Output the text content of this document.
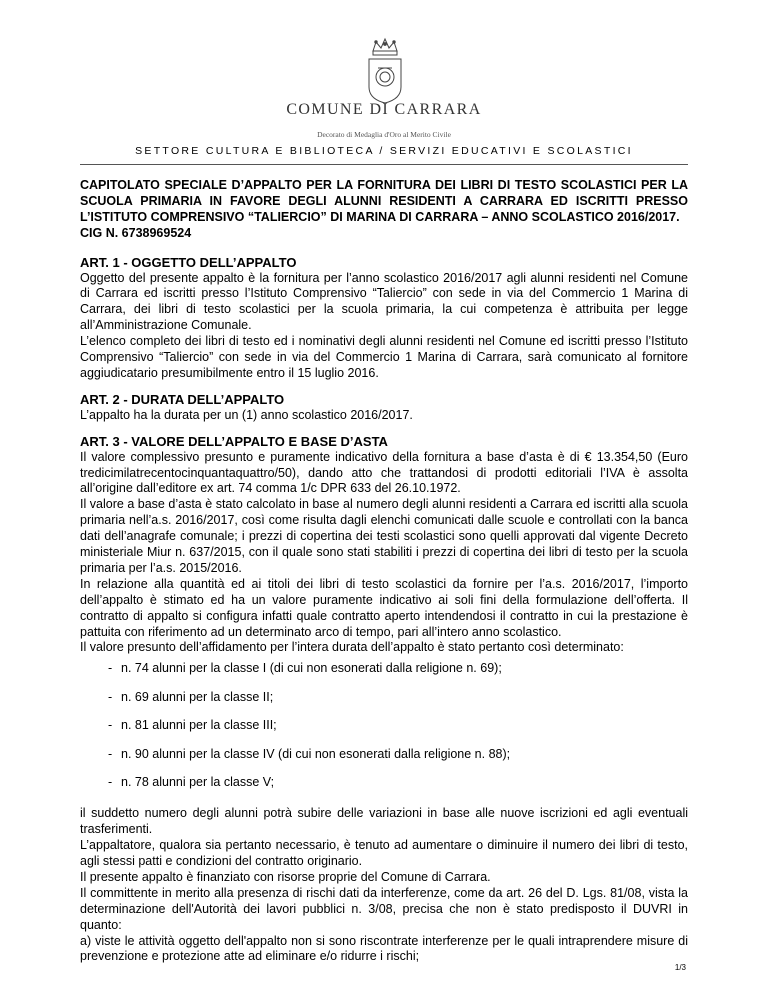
COMUNE DI CARRARA
Decorato di Medaglia d'Oro al Merito Civile
SETTORE CULTURA E BIBLIOTECA / SERVIZI EDUCATIVI E SCOLASTICI

CAPITOLATO SPECIALE D’APPALTO PER LA FORNITURA DEI LIBRI DI TESTO SCOLASTICI PER LA SCUOLA PRIMARIA IN FAVORE DEGLI ALUNNI RESIDENTI A CARRARA ED ISCRITTI PRESSO L’ISTITUTO COMPRENSIVO “TALIERCIO” DI MARINA DI CARRARA – ANNO SCOLASTICO 2016/2017.

CIG N. 6738969524

ART. 1 - OGGETTO DELL’APPALTO

Oggetto del presente appalto è la fornitura per l’anno scolastico 2016/2017 agli alunni residenti nel Comune di Carrara ed iscritti presso l’Istituto Comprensivo “Taliercio” con sede in via del Commercio 1 Marina di Carrara, dei libri di testo scolastici per la scuola primaria, la cui competenza è attribuita per legge all’Amministrazione Comunale.

L’elenco completo dei libri di testo ed i nominativi degli alunni residenti nel Comune ed iscritti presso l’Istituto Comprensivo “Taliercio” con sede in via del Commercio 1 Marina di Carrara, sarà comunicato al fornitore aggiudicatario presumibilmente entro il 15 luglio 2016.

ART. 2 - DURATA DELL’APPALTO

L’appalto ha la durata per un (1) anno scolastico 2016/2017.

ART. 3 - VALORE DELL’APPALTO E BASE D’ASTA

Il valore complessivo presunto e puramente indicativo della fornitura a base d’asta è di € 13.354,50 (Euro tredicimilatrecentocinquantaquattro/50), dando atto che trattandosi di prodotti editoriali l’IVA è assolta all’origine dall’editore ex art. 74 comma 1/c DPR 633 del 26.10.1972.

Il valore a base d’asta è stato calcolato in base al numero degli alunni residenti a Carrara ed iscritti alla scuola primaria nell’a.s. 2016/2017, così come risulta dagli elenchi comunicati dalle scuole e controllati con la banca dati dell’anagrafe comunale; i prezzi di copertina dei testi scolastici sono quelli approvati dal vigente Decreto ministeriale Miur n. 637/2015, con il quale sono stati stabiliti i prezzi di copertina dei libri di testo per la scuola primaria per l’a.s. 2015/2016.

In relazione alla quantità ed ai titoli dei libri di testo scolastici da fornire per l’a.s. 2016/2017, l’importo dell’appalto è stimato ed ha un valore puramente indicativo ai soli fini della formulazione dell’offerta. Il contratto di appalto si configura infatti quale contratto aperto intendendosi il contratto in cui la prestazione è pattuita con riferimento ad un determinato arco di tempo, pari all’intero anno scolastico.

Il valore presunto dell’affidamento per l’intera durata dell’appalto è stato pertanto così determinato:

- n. 74 alunni per la classe I (di cui non esonerati dalla religione n. 69);
- n. 69 alunni per la classe II;
- n. 81 alunni per la classe III;
- n. 90 alunni per la classe IV (di cui non esonerati dalla religione n. 88);
- n. 78 alunni per la classe V;

il suddetto numero degli alunni potrà subire delle variazioni in base alle nuove iscrizioni ed agli eventuali trasferimenti.

L’appaltatore, qualora sia pertanto necessario, è tenuto ad aumentare o diminuire il numero dei libri di testo, agli stessi patti e condizioni del contratto originario.

Il presente appalto è finanziato con risorse proprie del Comune di Carrara.

Il committente in merito alla presenza di rischi dati da interferenze, come da art. 26 del D. Lgs. 81/08, vista la determinazione dell'Autorità dei lavori pubblici n. 3/08, precisa che non è stato predisposto il DUVRI in quanto:

a) viste le attività oggetto dell'appalto non si sono riscontrate interferenze per le quali intraprendere misure di prevenzione e protezione atte ad eliminare e/o ridurre i rischi;

1/3
